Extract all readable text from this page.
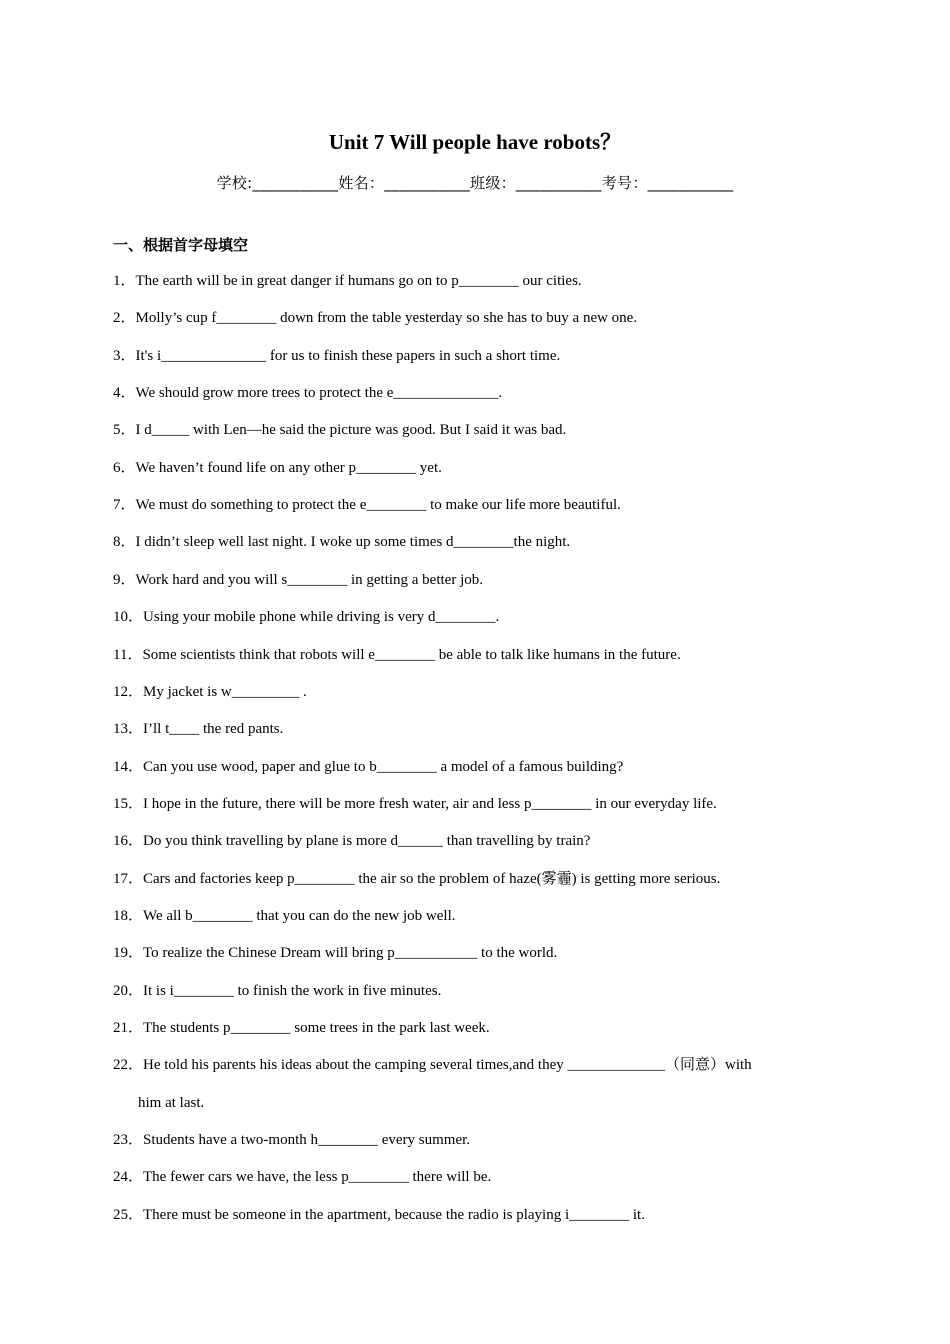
Unit 7 Will people have robots？
学校:___________姓名：___________班级：___________考号：___________
一、根据首字母填空
1．The earth will be in great danger if humans go on to p________ our cities.
2．Molly’s cup f________ down from the table yesterday so she has to buy a new one.
3．It's i______________ for us to finish these papers in such a short time.
4．We should grow more trees to protect the e______________.
5．I d_____ with Len—he said the picture was good. But I said it was bad.
6．We haven’t found life on any other p________ yet.
7．We must do something to protect the e________ to make our life more beautiful.
8．I didn’t sleep well last night. I woke up some times d________the night.
9．Work hard and you will s________ in getting a better job.
10．Using your mobile phone while driving is very d________.
11．Some scientists think that robots will e________ be able to talk like humans in the future.
12．My jacket is w_________ .
13．I’ll t____ the red pants.
14．Can you use wood, paper and glue to b________ a model of a famous building?
15．I hope in the future, there will be more fresh water, air and less p________ in our everyday life.
16．Do you think travelling by plane is more d______ than travelling by train?
17．Cars and factories keep p________ the air so the problem of haze(雾霾) is getting more serious.
18．We all b________ that you can do the new job well.
19．To realize the Chinese Dream will bring p___________ to the world.
20．It is i________ to finish the work in five minutes.
21．The students p________ some trees in the park last week.
22．He told his parents his ideas about the camping several times,and they _____________（同意）with
him at last.
23．Students have a two-month h________ every summer.
24．The fewer cars we have, the less p________ there will be.
25．There must be someone in the apartment, because the radio is playing i________ it.
